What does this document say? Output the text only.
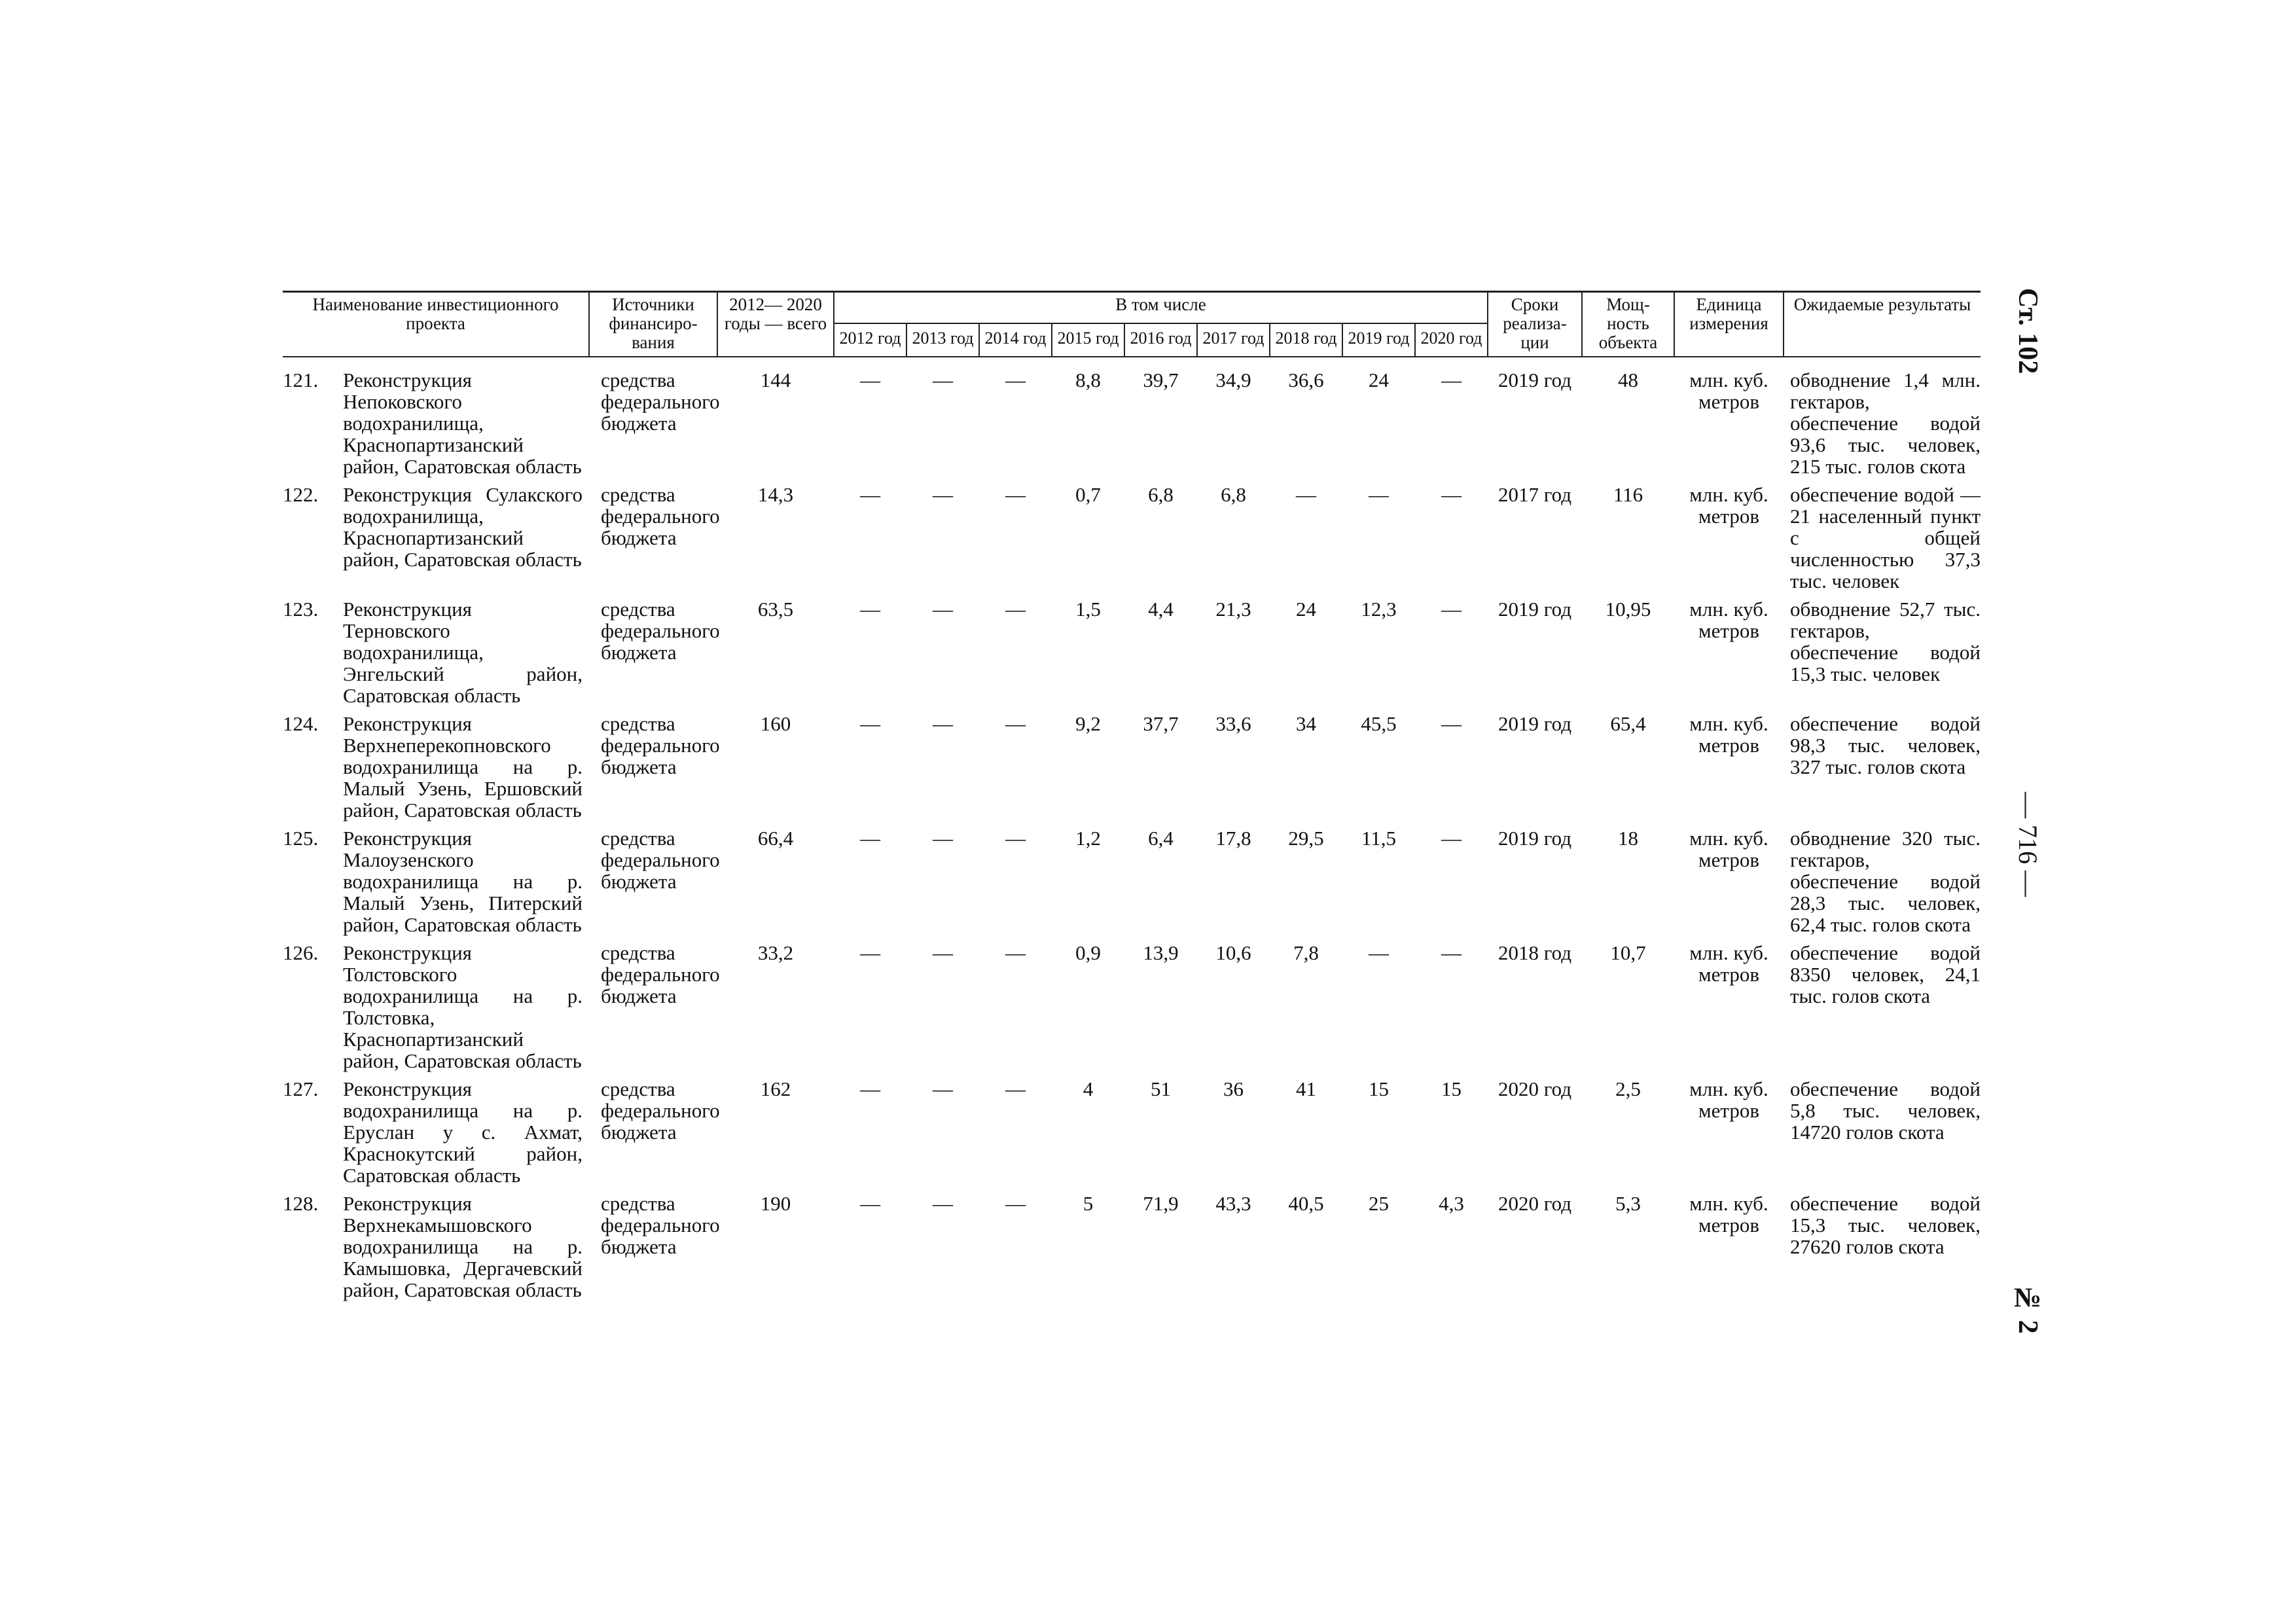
Наименование инвестиционного проекта	Источники финансиро-вания	2012— 2020 годы — всего	В том числе									Сроки реализа-ции	Мощ-ность объекта	Единица измерения	Ожидаемые результаты
			2012 год	2013 год	2014 год	2015 год	2016 год	2017 год	2018 год	2019 год	2020 год				
121. Реконструкция Непоковского водохранилища, Краснопартизанский район, Саратовская область	средства федерального бюджета	144	—	—	—	8,8	39,7	34,9	36,6	24	—	2019 год	48	млн. куб. метров	обводнение 1,4 млн. гектаров, обеспечение водой 93,6 тыс. человек, 215 тыс. голов скота
122. Реконструкция Сулакского водохранилища, Краснопартизанский район, Саратовская область	средства федерального бюджета	14,3	—	—	—	0,7	6,8	6,8	—	—	—	2017 год	116	млн. куб. метров	обеспечение водой — 21 населенный пункт с общей численностью 37,3 тыс. человек
123. Реконструкция Терновского водохранилища, Энгельский район, Саратовская область	средства федерального бюджета	63,5	—	—	—	1,5	4,4	21,3	24	12,3	—	2019 год	10,95	млн. куб. метров	обводнение 52,7 тыс. гектаров, обеспечение водой 15,3 тыс. человек
124. Реконструкция Верхнеперекопновского водохранилища на р. Малый Узень, Ершовский район, Саратовская область	средства федерального бюджета	160	—	—	—	9,2	37,7	33,6	34	45,5	—	2019 год	65,4	млн. куб. метров	обеспечение водой 98,3 тыс. человек, 327 тыс. голов скота
125. Реконструкция Малоузенского водохранилища на р. Малый Узень, Питерский район, Саратовская область	средства федерального бюджета	66,4	—	—	—	1,2	6,4	17,8	29,5	11,5	—	2019 год	18	млн. куб. метров	обводнение 320 тыс. гектаров, обеспечение водой 28,3 тыс. человек, 62,4 тыс. голов скота
126. Реконструкция Толстовского водохранилища на р. Толстовка, Краснопартизанский район, Саратовская область	средства федерального бюджета	33,2	—	—	—	0,9	13,9	10,6	7,8	—	—	2018 год	10,7	млн. куб. метров	обеспечение водой 8350 человек, 24,1 тыс. голов скота
127. Реконструкция водохранилища на р. Еруслан у с. Ахмат, Краснокутский район, Саратовская область	средства федерального бюджета	162	—	—	—	4	51	36	41	15	15	2020 год	2,5	млн. куб. метров	обеспечение водой 5,8 тыс. человек, 14720 голов скота
128. Реконструкция Верхнекамышовского водохранилища на р. Камышовка, Дергачевский район, Саратовская область	средства федерального бюджета	190	—	—	—	5	71,9	43,3	40,5	25	4,3	2020 год	5,3	млн. куб. метров	обеспечение водой 15,3 тыс. человек, 27620 голов скота
Ст. 102
— 716 —
№ 2
